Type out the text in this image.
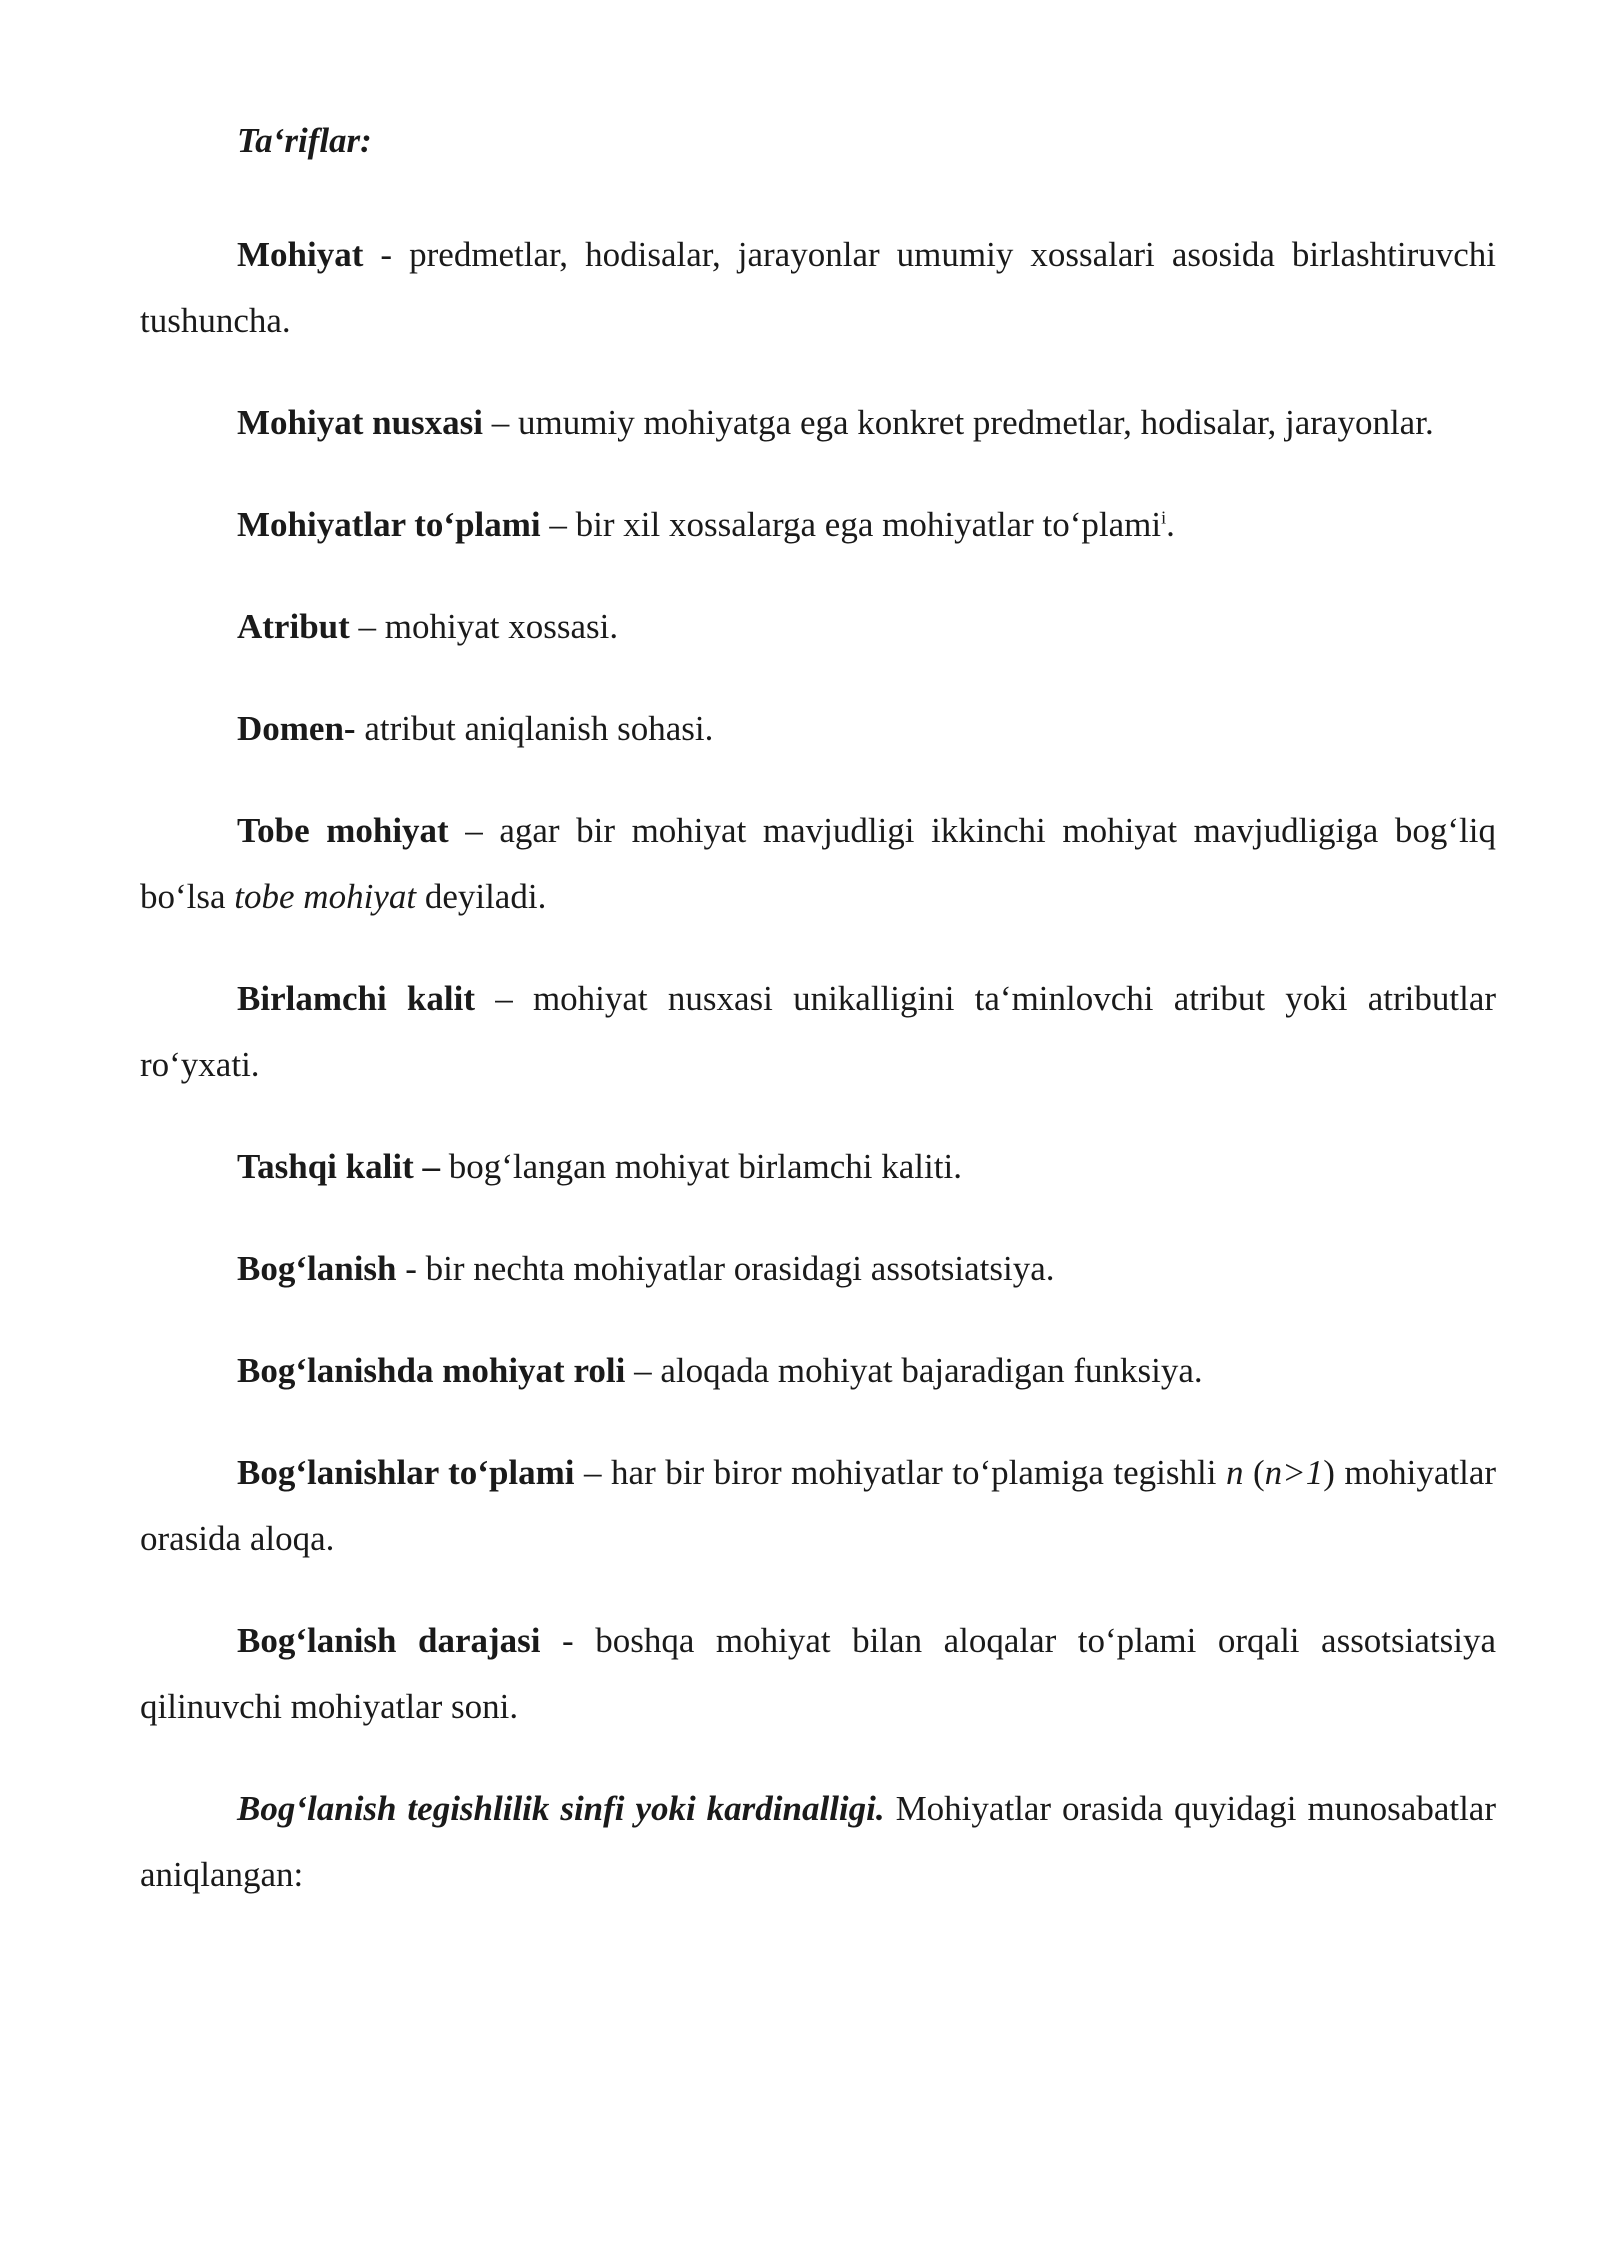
Ta‘riflar:

Mohiyat - predmetlar, hodisalar, jarayonlar umumiy xossalari asosida birlashtiruvchi tushuncha.

Mohiyat nusxasi – umumiy mohiyatga ega konkret predmetlar, hodisalar, jarayonlar.

Mohiyatlar to‘plami – bir xil xossalarga ega mohiyatlar to‘plami$^i$.

Atribut – mohiyat xossasi.

Domen- atribut aniqlanish sohasi.

Tobe mohiyat – agar bir mohiyat mavjudligi ikkinchi mohiyat mavjudligiga bog‘liq bo‘lsa tobe mohiyat deyiladi.

Birlamchi kalit – mohiyat nusxasi unikalligini ta‘minlovchi atribut yoki atributlar ro‘yxati.

Tashqi kalit – bog‘langan mohiyat birlamchi kaliti.

Bog‘lanish - bir nechta mohiyatlar orasidagi assotsiatsiya.

Bog‘lanishda mohiyat roli – aloqada mohiyat bajaradigan funksiya.

Bog‘lanishlar to‘plami – har bir biror mohiyatlar to‘plamiga tegishli n (n>1) mohiyatlar orasida aloqa.

Bog‘lanish darajasi - boshqa mohiyat bilan aloqalar to‘plami orqali assotsiatsiya qilinuvchi mohiyatlar soni.

Bog‘lanish tegishlilik sinfi yoki kardinalligi. Mohiyatlar orasida quyidagi munosabatlar aniqlangan:
